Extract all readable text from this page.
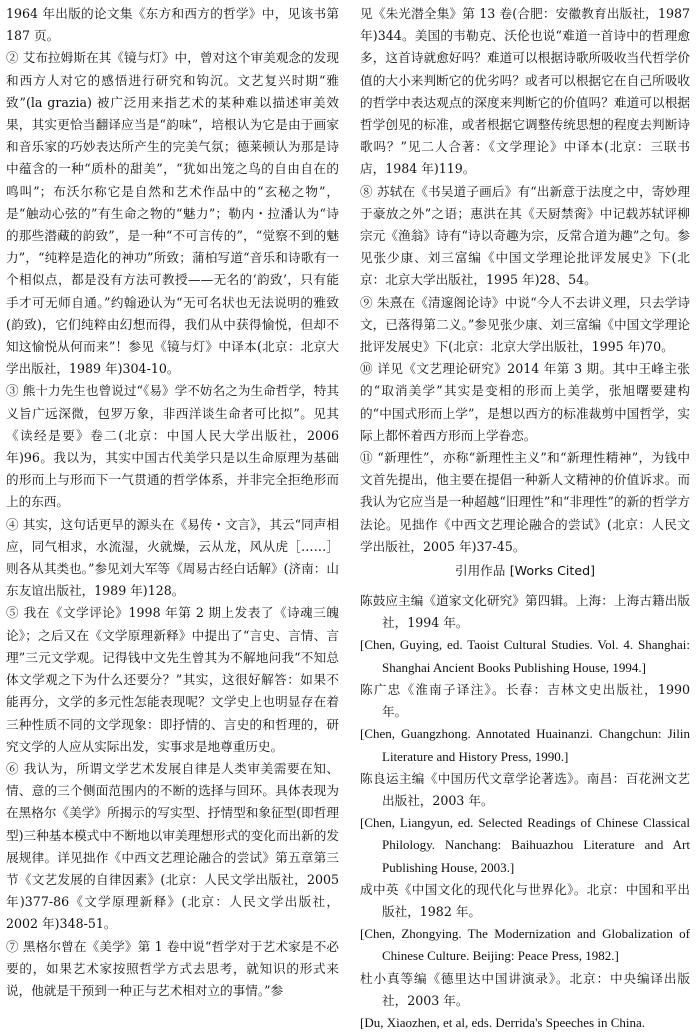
1964 年出版的论文集《东方和西方的哲学》中，见该书第187 页。

② 艾布拉姆斯在其《镜与灯》中，曾对这个审美观念的发现和西方人对它的感悟进行研究和钩沉。文艺复兴时期“雅致”(la grazia) 被广泛用来指艺术的某种难以描述审美效果，其实更恰当翻译应当是“韵味”，培根认为它是由于画家和音乐家的巧妙表达所产生的完美气氛；德莱顿认为那是诗中蕴含的一种“质朴的甜美”，“犹如出笼之鸟的自由自在的鸣叫”；布沃尔称它是自然和艺术作品中的“玄秘之物”，是“触动心弦的”有生命之物的“魅力”；勒内・拉潘认为“诗的那些潜藏的韵致”，是一种“不可言传的”，“觉察不到的魅力”，“纯粹是造化的神功”所致；蒲柏写道“音乐和诗歌有一个相似点，都是没有方法可教授——无名的‘韵致’，只有能手才可无师自通。”约翰逊认为“无可名状也无法说明的雅致(韵致)，它们纯粹由幻想而得，我们从中获得愉悦，但却不知这愉悦从何而来”！参见《镜与灯》中译本(北京：北京大学出版社，1989 年)304-10。

③ 熊十力先生也曾说过“《易》学不妨名之为生命哲学，特其义旨广远深微，包罗万象，非西洋谈生命者可比拟”。见其《读经是要》卷二(北京：中国人民大学出版社，2006 年)96。我以为，其实中国古代美学只是以生命原理为基础的形而上与形而下一气贯通的哲学体系，并非完全拒绝形而上的东西。

④ 其实，这句话更早的源头在《易传・文言》，其云“同声相应，同气相求，水流湿，火就燥，云从龙，风从虎［……］则各从其类也。”参见刘大军等《周易古经白话解》(济南：山东友谊出版社，1989 年)128。

⑤ 我在《文学评论》1998 年第 2 期上发表了《诗魂三魄论》；之后又在《文学原理新释》中提出了“言史、言情、言理”三元文学观。记得钱中文先生曾其为不解地问我“不知总体文学观之下为什么还要分？”其实，这很好解答：如果不能再分，文学的多元性怎能表现呢？文学史上也明显存在着三种性质不同的文学现象：即抒情的、言史的和哲理的，研究文学的人应从实际出发，实事求是地尊重历史。

⑥ 我认为，所谓文学艺术发展自律是人类审美需要在知、情、意的三个侧面范围内的不断的选择与回环。具体表现为在黑格尔《美学》所揭示的写实型、抒情型和象征型(即哲理型)三种基本模式中不断地以审美理想形式的变化而出新的发展规律。详见拙作《中西文艺理论融合的尝试》第五章第三节《文艺发展的自律因素》(北京：人民文学出版社，2005 年)377-86《文学原理新释》(北京：人民文学出版社，2002 年)348-51。

⑦ 黑格尔曾在《美学》第 1 卷中说“哲学对于艺术家是不必要的，如果艺术家按照哲学方式去思考，就知识的形式来说，他就是干预到一种正与艺术相对立的事情。”参

见《朱光潜全集》第 13 卷(合肥：安徽教育出版社，1987 年)344。美国的韦勒克、沃伦也说“难道一首诗中的哲理愈多，这首诗就愈好吗？难道可以根据诗歌所吸收当代哲学价值的大小来判断它的优劣吗？或者可以根据它在自己所吸收的哲学中表达观点的深度来判断它的价值吗？难道可以根据哲学创见的标准，或者根据它调整传统思想的程度去判断诗歌吗？”见二人合著：《文学理论》中译本(北京：三联书店，1984 年)119。

⑧ 苏轼在《书吴道子画后》有“出新意于法度之中，寄妙理于豪放之外”之语；惠洪在其《天厨禁脔》中记载苏轼评柳宗元《渔翁》诗有“诗以奇趣为宗，反常合道为趣”之句。参见张少康、刘三富编《中国文学理论批评发展史》下(北京：北京大学出版社，1995 年)28、54。

⑨ 朱熹在《清邃阁论诗》中说“今人不去讲义理，只去学诗文，已落得第二义。”参见张少康、刘三富编《中国文学理论批评发展史》下(北京：北京大学出版社，1995 年)70。

⑩ 详见《文艺理论研究》2014 年第 3 期。其中王峰主张的“取消美学”其实是变相的形而上美学，张旭曙要建构的“中国式形而上学”，是想以西方的标准裁剪中国哲学，实际上都怀着西方形而上学眷恋。

⑪ “新理性”，亦称“新理性主义”和“新理性精神”，为钱中文首先提出，他主要在提倡一种新人文精神的价值诉求。而我认为它应当是一种超越“旧理性”和“非理性”的新的哲学方法论。见拙作《中西文艺理论融合的尝试》(北京：人民文学出版社，2005 年)37-45。

引用作品 [Works Cited]

陈鼓应主编《道家文化研究》第四辑。上海：上海古籍出版社，1994 年。

[Chen, Guying, ed. Taoist Cultural Studies. Vol. 4. Shanghai: Shanghai Ancient Books Publishing House, 1994.]

陈广忠《淮南子译注》。长春：吉林文史出版社，1990 年。

[Chen, Guangzhong. Annotated Huainanzi. Changchun: Jilin Literature and History Press, 1990.]

陈良运主编《中国历代文章学论著选》。南昌：百花洲文艺出版社，2003 年。

[Chen, Liangyun, ed. Selected Readings of Chinese Classical Philology. Nanchang: Baihuazhou Literature and Art Publishing House, 2003.]

成中英《中国文化的现代化与世界化》。北京：中国和平出版社，1982 年。

[Chen, Zhongying. The Modernization and Globalization of Chinese Culture. Beijing: Peace Press, 1982.]

杜小真等编《德里达中国讲演录》。北京：中央编译出版社，2003 年。

[Du, Xiaozhen, et al, eds. Derrida's Speeches in China.
